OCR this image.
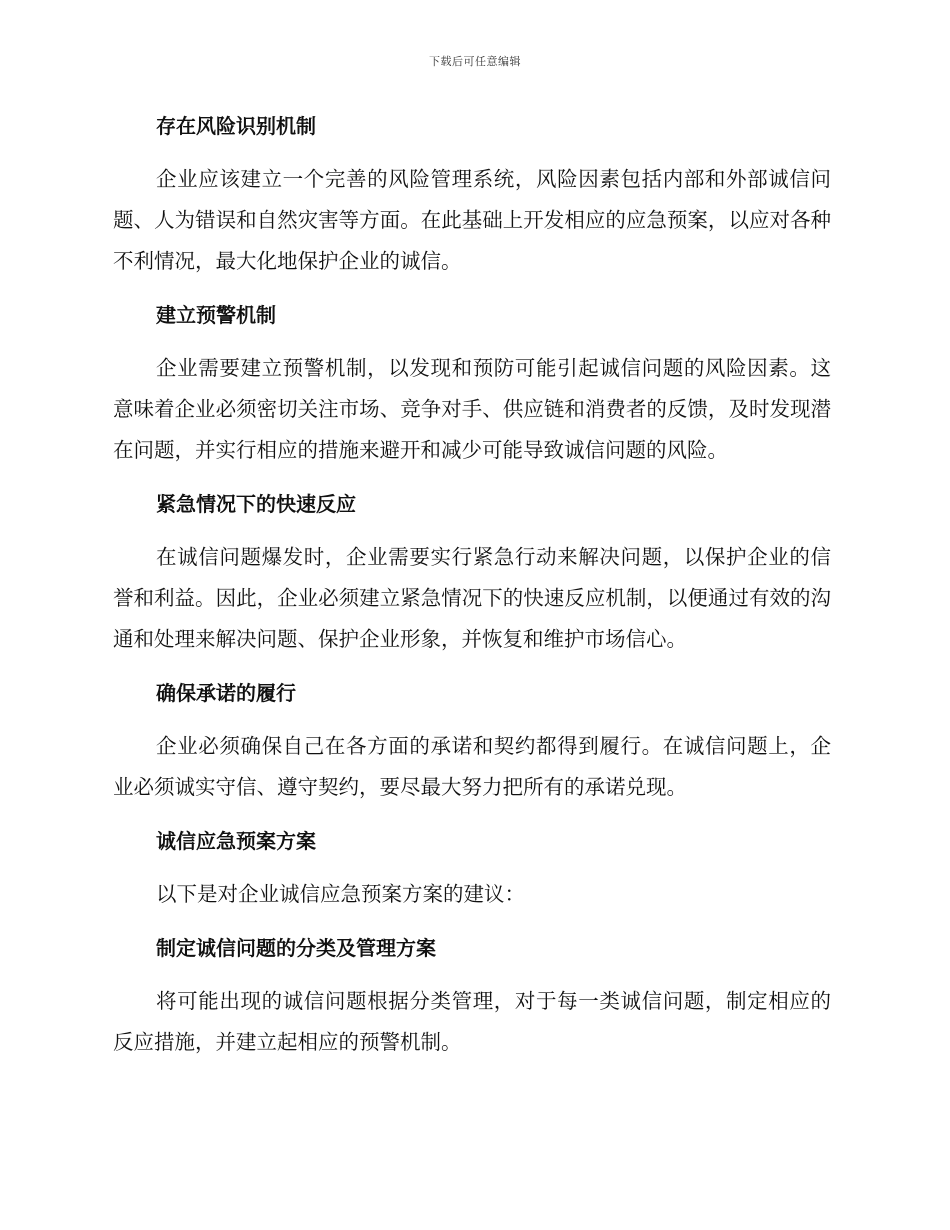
下载后可任意编辑
存在风险识别机制

企业应该建立一个完善的风险管理系统，风险因素包括内部和外部诚信问题、人为错误和自然灾害等方面。在此基础上开发相应的应急预案，以应对各种不利情况，最大化地保护企业的诚信。

建立预警机制

企业需要建立预警机制，以发现和预防可能引起诚信问题的风险因素。这意味着企业必须密切关注市场、竞争对手、供应链和消费者的反馈，及时发现潜在问题，并实行相应的措施来避开和减少可能导致诚信问题的风险。

紧急情况下的快速反应

在诚信问题爆发时，企业需要实行紧急行动来解决问题，以保护企业的信誉和利益。因此，企业必须建立紧急情况下的快速反应机制，以便通过有效的沟通和处理来解决问题、保护企业形象，并恢复和维护市场信心。

确保承诺的履行

企业必须确保自己在各方面的承诺和契约都得到履行。在诚信问题上，企业必须诚实守信、遵守契约，要尽最大努力把所有的承诺兑现。

诚信应急预案方案

以下是对企业诚信应急预案方案的建议：

制定诚信问题的分类及管理方案

将可能出现的诚信问题根据分类管理，对于每一类诚信问题，制定相应的反应措施，并建立起相应的预警机制。
